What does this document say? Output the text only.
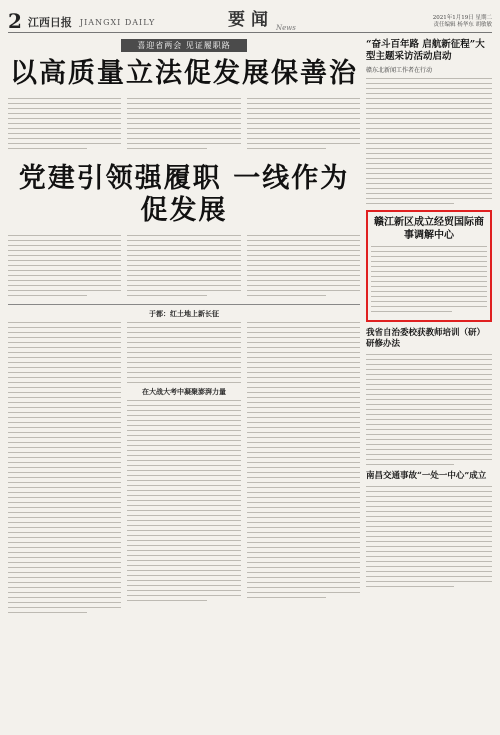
2 江西日报 JIANGXI DAILY	要闻 News
2021年1月19日 星期二
责任编辑 杨华东 胡敏敏
喜迎省两会 见证履职路
以高质量立法促发展保善治
党建引领强履职 一线作为促发展
于都：红土地上新长征
在大战大考中凝聚澎湃力量
“奋斗百年路 启航新征程”大型主题采访活动启动
赣东北新闻工作者在行动
赣江新区成立经贸国际商事调解中心
我省自治委校获教师培训（研）研修办法
南昌交通事故“一处一中心”成立
